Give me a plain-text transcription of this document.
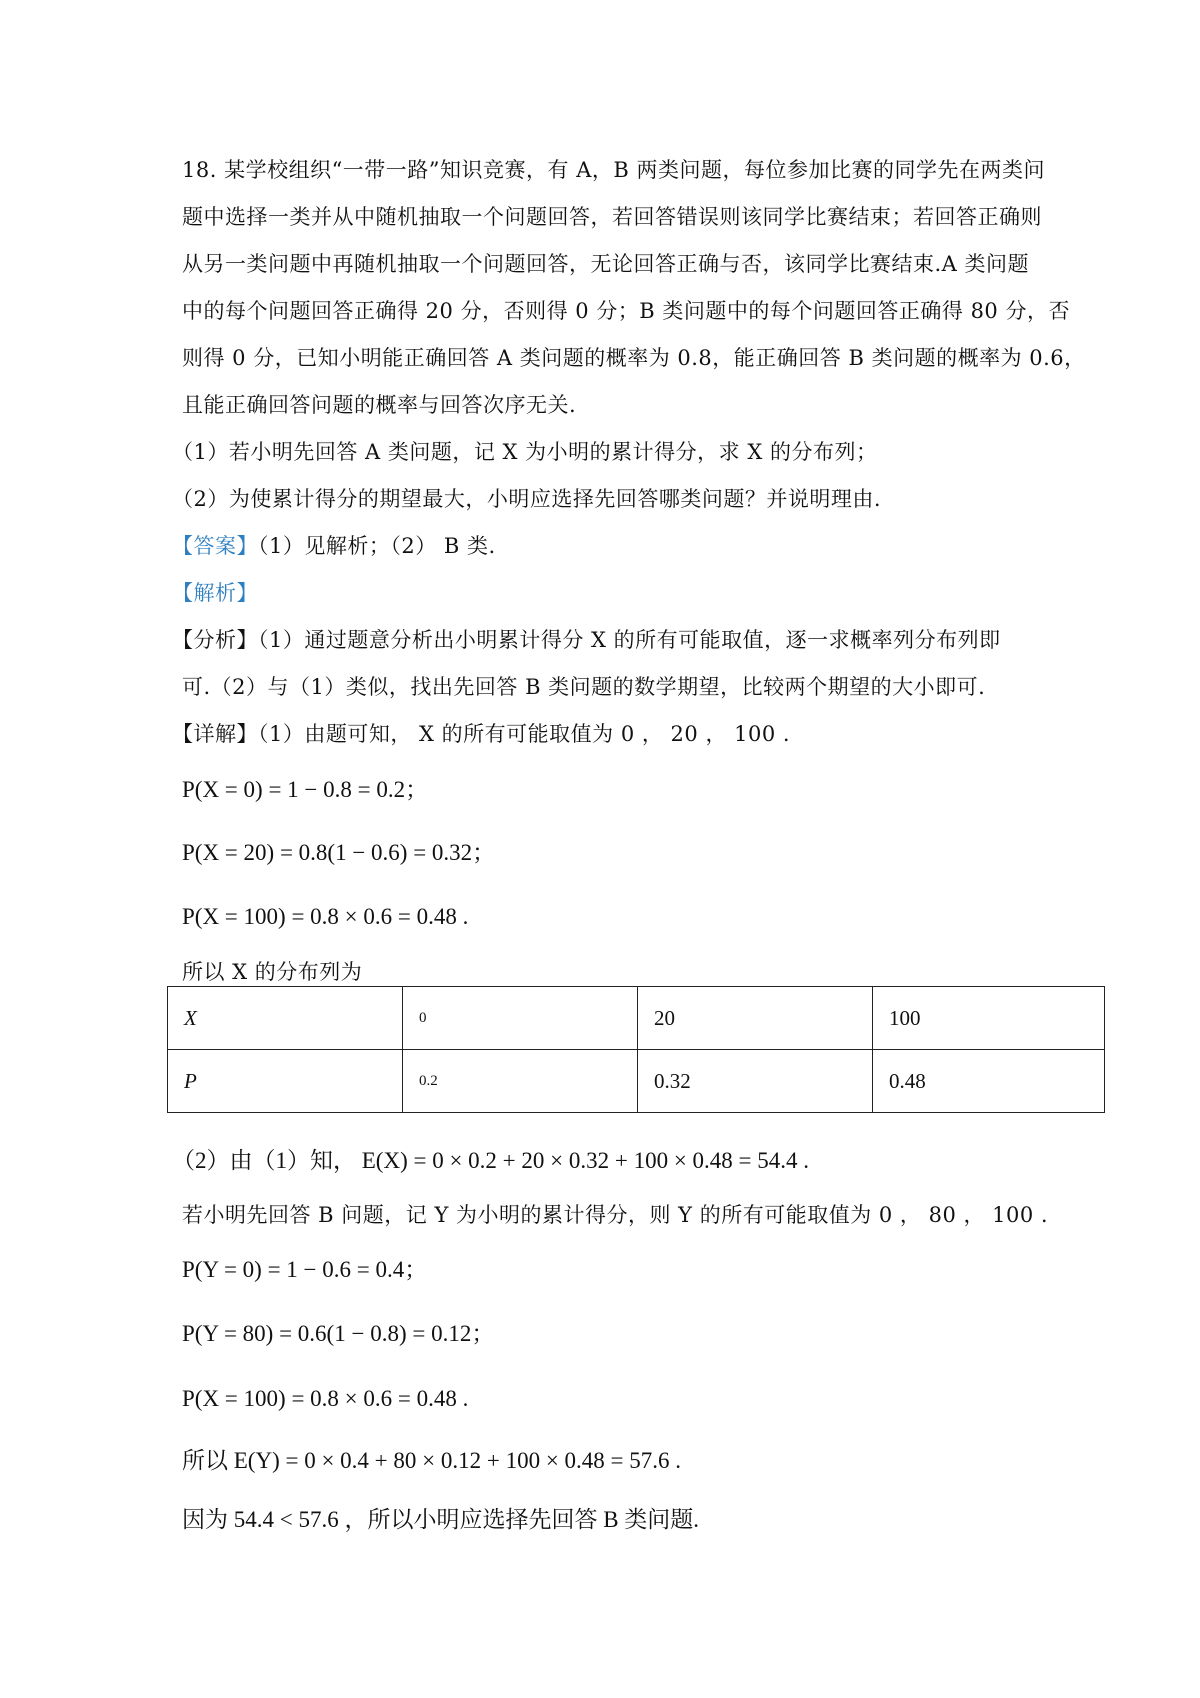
18. 某学校组织“一带一路”知识竞赛，有 A，B 两类问题，每位参加比赛的同学先在两类问
题中选择一类并从中随机抽取一个问题回答，若回答错误则该同学比赛结束；若回答正确则
从另一类问题中再随机抽取一个问题回答，无论回答正确与否，该同学比赛结束.A 类问题
中的每个问题回答正确得 20 分，否则得 0 分；B 类问题中的每个问题回答正确得 80 分，否
则得 0 分，已知小明能正确回答 A 类问题的概率为 0.8，能正确回答 B 类问题的概率为 0.6，
且能正确回答问题的概率与回答次序无关.
（1）若小明先回答 A 类问题，记 X 为小明的累计得分，求 X 的分布列；
（2）为使累计得分的期望最大，小明应选择先回答哪类问题？并说明理由.
【答案】（1）见解析；（2） B 类.
【解析】
【分析】（1）通过题意分析出小明累计得分 X 的所有可能取值，逐一求概率列分布列即
可.（2）与（1）类似，找出先回答 B 类问题的数学期望，比较两个期望的大小即可.
【详解】（1）由题可知， X 的所有可能取值为 0 ， 20 ， 100 .
P(X = 0) = 1 − 0.8 = 0.2；
P(X = 20) = 0.8(1 − 0.6) = 0.32；
P(X = 100) = 0.8 × 0.6 = 0.48 .
所以 X 的分布列为
X	0	20	100
P	0.2	0.32	0.48
（2）由（1）知， E(X) = 0 × 0.2 + 20 × 0.32 + 100 × 0.48 = 54.4 .
若小明先回答 B 问题，记 Y 为小明的累计得分，则 Y 的所有可能取值为 0 ， 80 ， 100 .
P(Y = 0) = 1 − 0.6 = 0.4；
P(Y = 80) = 0.6(1 − 0.8) = 0.12；
P(X = 100) = 0.8 × 0.6 = 0.48 .
所以 E(Y) = 0 × 0.4 + 80 × 0.12 + 100 × 0.48 = 57.6 .
因为 54.4 < 57.6 ，所以小明应选择先回答 B 类问题.
